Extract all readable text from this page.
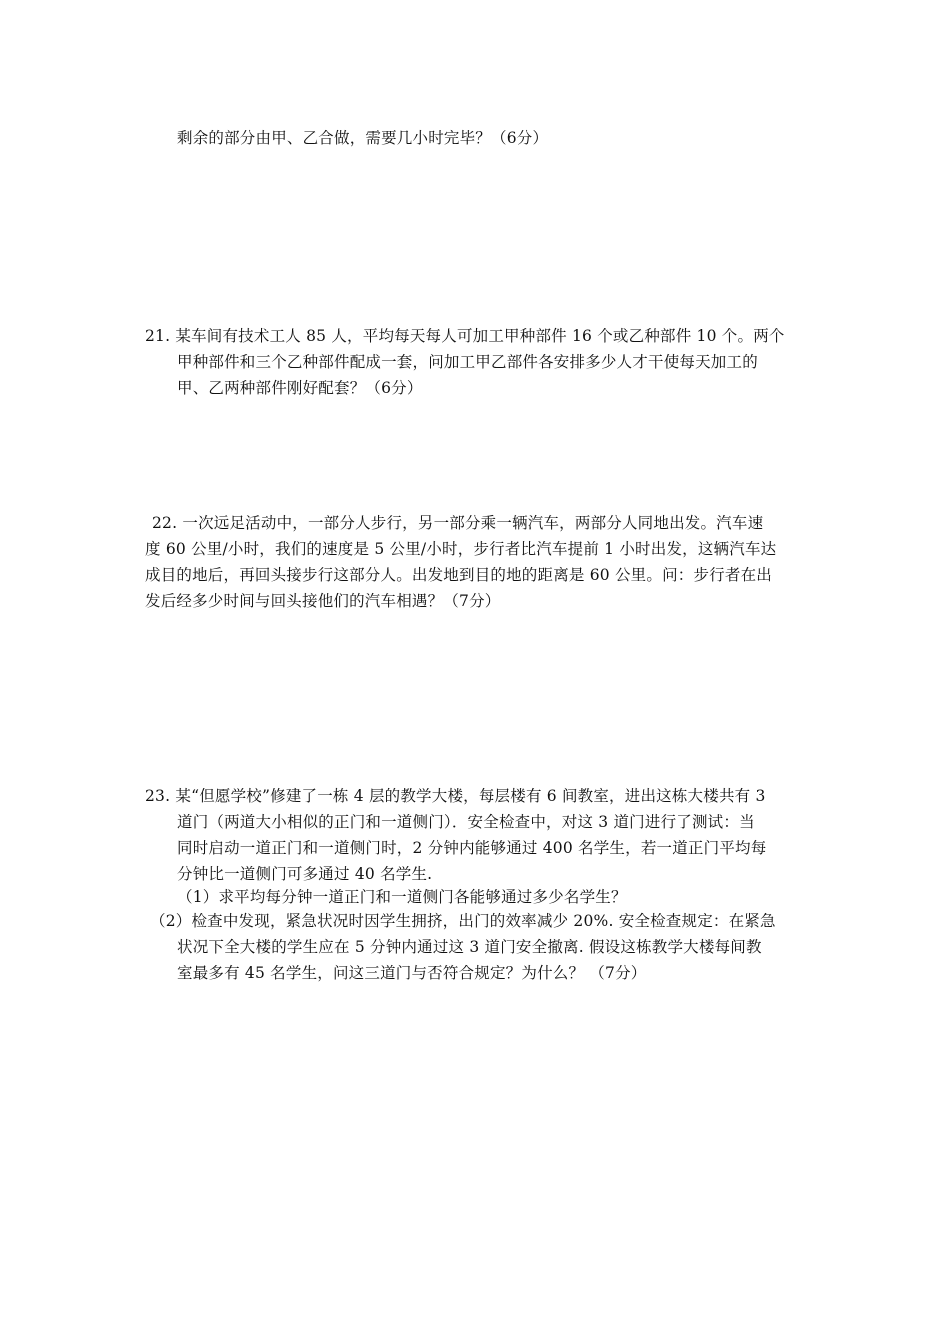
剩余的部分由甲、乙合做，需要几小时完毕？（6分）
21. 某车间有技术工人 85 人，平均每天每人可加工甲种部件 16 个或乙种部件 10 个。两个
甲种部件和三个乙种部件配成一套，问加工甲乙部件各安排多少人才干使每天加工的
甲、乙两种部件刚好配套？（6分）
22. 一次远足活动中，一部分人步行，另一部分乘一辆汽车，两部分人同地出发。汽车速
度 60 公里/小时，我们的速度是 5 公里/小时，步行者比汽车提前 1 小时出发，这辆汽车达
成目的地后，再回头接步行这部分人。出发地到目的地的距离是 60 公里。问：步行者在出
发后经多少时间与回头接他们的汽车相遇？（7分）
23. 某“但愿学校”修建了一栋 4 层的教学大楼，每层楼有 6 间教室，进出这栋大楼共有 3
道门（两道大小相似的正门和一道侧门）．安全检查中，对这 3 道门进行了测试：当
同时启动一道正门和一道侧门时，2 分钟内能够通过 400 名学生，若一道正门平均每
分钟比一道侧门可多通过 40 名学生.
（1）求平均每分钟一道正门和一道侧门各能够通过多少名学生？
（2）检查中发现，紧急状况时因学生拥挤，出门的效率减少 20%. 安全检查规定：在紧急
状况下全大楼的学生应在 5 分钟内通过这 3 道门安全撤离. 假设这栋教学大楼每间教
室最多有 45 名学生，问这三道门与否符合规定？为什么？ （7分）
